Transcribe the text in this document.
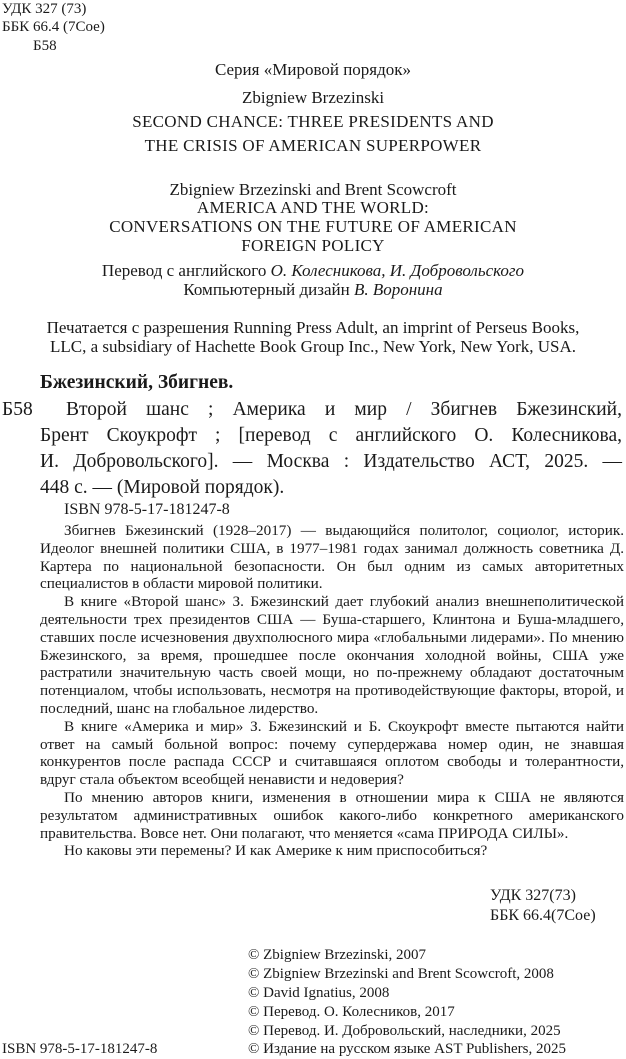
УДК 327 (73)
ББК 66.4 (7Сое)
Б58
Серия «Мировой порядок»
Zbigniew Brzezinski
SECOND CHANCE: THREE PRESIDENTS AND
THE CRISIS OF AMERICAN SUPERPOWER
Zbigniew Brzezinski and Brent Scowcroft
AMERICA AND THE WORLD:
CONVERSATIONS ON THE FUTURE OF AMERICAN
FOREIGN POLICY
Перевод с английского О. Колесникова, И. Добровольского
Компьютерный дизайн В. Воронина
Печатается с разрешения Running Press Adult, an imprint of Perseus Books,
LLC, a subsidiary of Hachette Book Group Inc., New York, New York, USA.
Бжезинский, Збигнев.
Б58 Второй шанс ; Америка и мир / Збигнев Бжезинский,
Брент Скоукрофт ; [перевод с английского О. Колесникова,
И. Добровольского]. — Москва : Издательство АСТ, 2025. —
448 с. — (Мировой порядок).
ISBN 978-5-17-181247-8

Збигнев Бжезинский (1928–2017) — выдающийся политолог, социолог, историк. Идеолог внешней политики США, в 1977–1981 годах занимал должность советника Д. Картера по национальной безопасности. Он был одним из самых авторитетных специалистов в области мировой политики.

В книге «Второй шанс» З. Бжезинский дает глубокий анализ внешнеполитической деятельности трех президентов США — Буша-старшего, Клинтона и Буша-младшего, ставших после исчезновения двухполюсного мира «глобальными лидерами». По мнению Бжезинского, за время, прошедшее после окончания холодной войны, США уже растратили значительную часть своей мощи, но по-прежнему обладают достаточным потенциалом, чтобы использовать, несмотря на противодействующие факторы, второй, и последний, шанс на глобальное лидерство.

В книге «Америка и мир» З. Бжезинский и Б. Скоукрофт вместе пытаются найти ответ на самый больной вопрос: почему супердержава номер один, не знавшая конкурентов после распада СССР и считавшаяся оплотом свободы и толерантности, вдруг стала объектом всеобщей ненависти и недоверия?

По мнению авторов книги, изменения в отношении мира к США не являются результатом административных ошибок какого-либо конкретного американского правительства. Вовсе нет. Они полагают, что меняется «сама ПРИРОДА СИЛЫ».

Но каковы эти перемены? И как Америке к ним приспособиться?

УДК 327(73)
ББК 66.4(7Сое)
© Zbigniew Brzezinski, 2007
© Zbigniew Brzezinski and Brent Scowcroft, 2008
© David Ignatius, 2008
© Перевод. О. Колесников, 2017
© Перевод. И. Добровольский, наследники, 2025
© Издание на русском языке AST Publishers, 2025
ISBN 978-5-17-181247-8
